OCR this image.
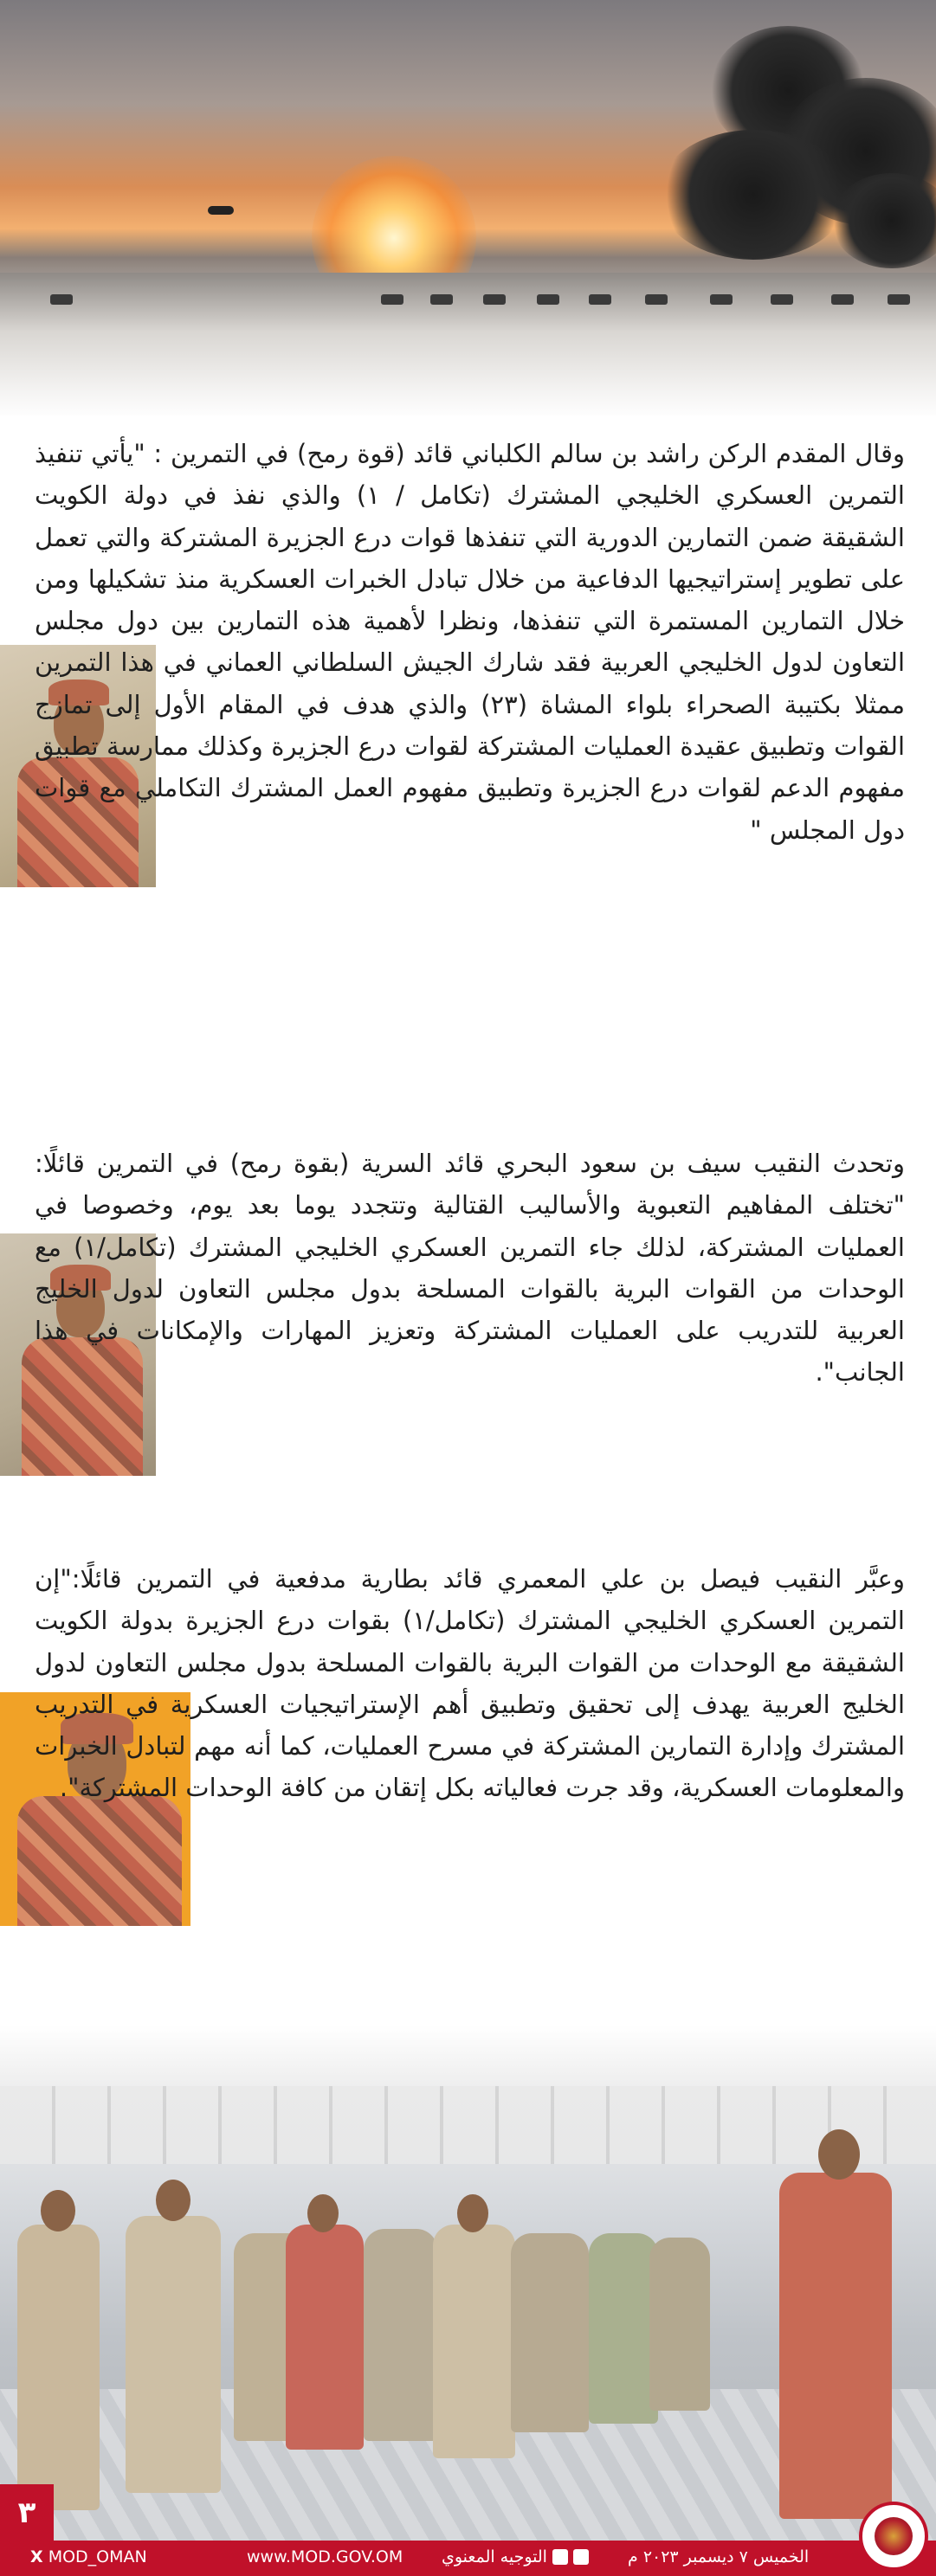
وقال المقدم الركن راشد بن سالم الكلباني قائد (قوة رمح) في التمرين : "يأتي تنفيذ التمرين العسكري الخليجي المشترك (تكامل / ١) والذي نفذ في دولة الكويت الشقيقة ضمن التمارين الدورية التي تنفذها قوات درع الجزيرة المشتركة والتي تعمل على تطوير إستراتيجيها الدفاعية من خلال تبادل الخبرات العسكرية منذ تشكيلها ومن خلال التمارين المستمرة التي تنفذها، ونظرا لأهمية هذه التمارين بين دول مجلس التعاون لدول الخليجي العربية فقد شارك الجيش السلطاني العماني في هذا التمرين ممثلا بكتيبة الصحراء بلواء المشاة (٢٣) والذي هدف في المقام الأول إلى تمازج القوات وتطبيق عقيدة العمليات المشتركة لقوات درع الجزيرة وكذلك ممارسة تطبيق مفهوم الدعم لقوات درع الجزيرة وتطبيق مفهوم العمل المشترك التكاملي مع قوات دول المجلس "
وتحدث النقيب سيف بن سعود البحري قائد السرية (بقوة رمح) في التمرين قائلًا: "تختلف المفاهيم التعبوية والأساليب القتالية وتتجدد يوما بعد يوم، وخصوصا في العمليات المشتركة، لذلك جاء التمرين العسكري الخليجي المشترك (تكامل/١) مع الوحدات من القوات البرية بالقوات المسلحة بدول مجلس التعاون لدول الخليج العربية للتدريب على العمليات المشتركة وتعزيز المهارات والإمكانات في هذا الجانب".
وعبَّر النقيب فيصل بن علي المعمري قائد بطارية مدفعية في التمرين قائلًا:"إن التمرين العسكري الخليجي المشترك (تكامل/١) بقوات درع الجزيرة بدولة الكويت الشقيقة مع الوحدات من القوات البرية بالقوات المسلحة بدول مجلس التعاون لدول الخليج العربية يهدف إلى تحقيق وتطبيق أهم الإستراتيجيات العسكرية في التدريب المشترك وإدارة التمارين المشتركة في مسرح العمليات، كما أنه مهم لتبادل الخبرات والمعلومات العسكرية، وقد جرت فعالياته بكل إتقان من كافة الوحدات المشتركة".
٣
X MOD_OMAN	www.MOD.GOV.OM التوجيه المعنوي	الخميس ٧ ديسمبر ٢٠٢٣ م
